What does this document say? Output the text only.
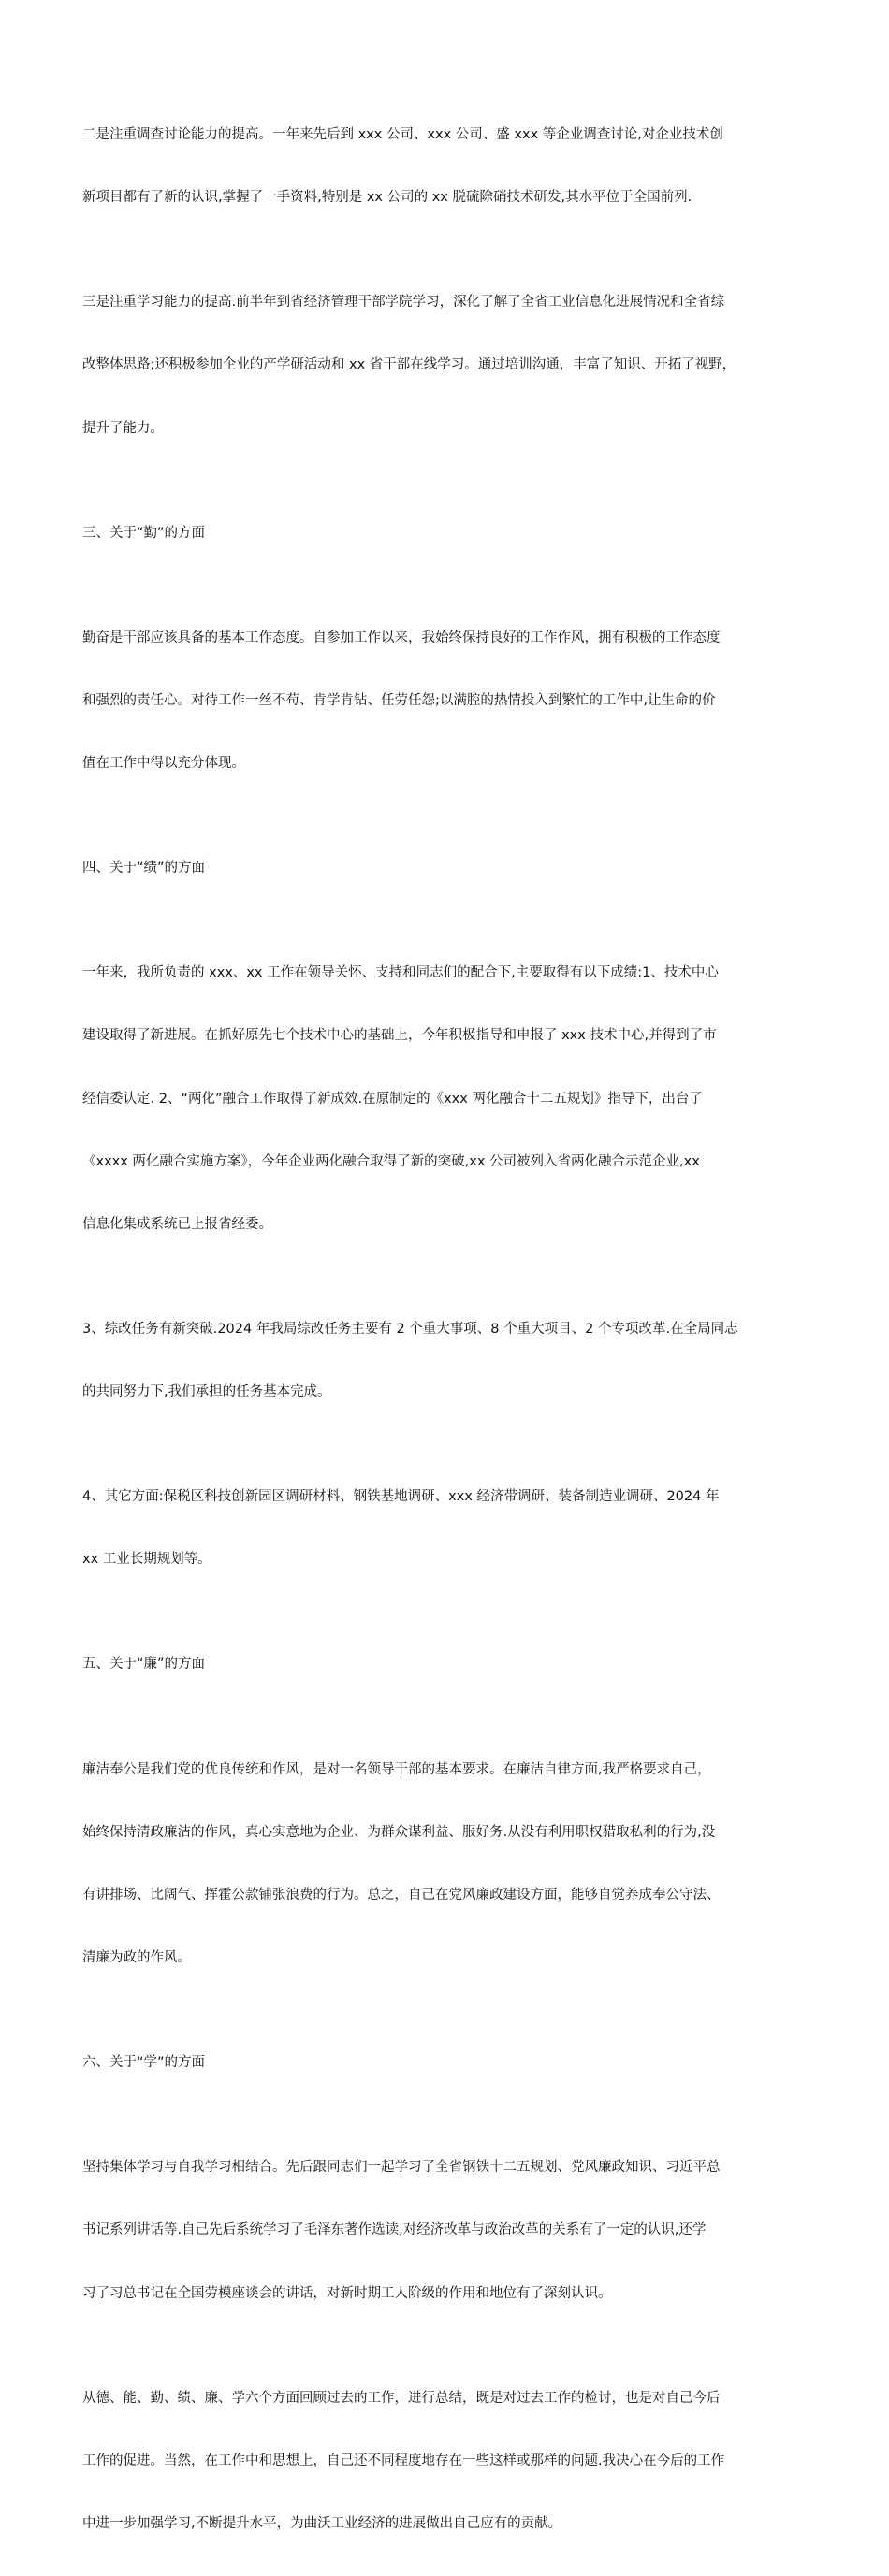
二是注重调查讨论能力的提高。一年来先后到 xxx 公司、xxx 公司、盛 xxx 等企业调查讨论,对企业技术创

新项目都有了新的认识,掌握了一手资料,特别是 xx 公司的 xx 脱硫除硝技术研发,其水平位于全国前列.

三是注重学习能力的提高.前半年到省经济管理干部学院学习，深化了解了全省工业信息化进展情况和全省综

改整体思路;还积极参加企业的产学研活动和 xx 省干部在线学习。通过培训沟通，丰富了知识、开拓了视野，

提升了能力。

三、关于“勤”的方面

勤奋是干部应该具备的基本工作态度。自参加工作以来，我始终保持良好的工作作风，拥有积极的工作态度

和强烈的责任心。对待工作一丝不苟、肯学肯钻、任劳任怨;以满腔的热情投入到繁忙的工作中,让生命的价

值在工作中得以充分体现。

四、关于“绩”的方面

一年来，我所负责的 xxx、xx 工作在领导关怀、支持和同志们的配合下,主要取得有以下成绩:1、技术中心

建设取得了新进展。在抓好原先七个技术中心的基础上，今年积极指导和申报了 xxx 技术中心,并得到了市

经信委认定. 2、“两化”融合工作取得了新成效.在原制定的《xxx 两化融合十二五规划》指导下，出台了

《xxxx 两化融合实施方案》，今年企业两化融合取得了新的突破,xx 公司被列入省两化融合示范企业,xx

信息化集成系统已上报省经委。

3、综改任务有新突破.2024 年我局综改任务主要有 2 个重大事项、8 个重大项目、2 个专项改革.在全局同志

的共同努力下,我们承担的任务基本完成。

4、其它方面:保税区科技创新园区调研材料、钢铁基地调研、xxx 经济带调研、装备制造业调研、2024 年

xx 工业长期规划等。

五、关于“廉”的方面

廉洁奉公是我们党的优良传统和作风，是对一名领导干部的基本要求。在廉洁自律方面,我严格要求自己，

始终保持清政廉洁的作风，真心实意地为企业、为群众谋利益、服好务.从没有利用职权猎取私利的行为,没

有讲排场、比阔气、挥霍公款铺张浪费的行为。总之，自己在党风廉政建设方面，能够自觉养成奉公守法、

清廉为政的作风。

六、关于“学”的方面

坚持集体学习与自我学习相结合。先后跟同志们一起学习了全省钢铁十二五规划、党风廉政知识、习近平总

书记系列讲话等.自己先后系统学习了毛泽东著作选读,对经济改革与政治改革的关系有了一定的认识,还学

习了习总书记在全国劳模座谈会的讲话，对新时期工人阶级的作用和地位有了深刻认识。

从德、能、勤、绩、廉、学六个方面回顾过去的工作，进行总结，既是对过去工作的检讨，也是对自己今后

工作的促进。当然，在工作中和思想上，自己还不同程度地存在一些这样或那样的问题.我决心在今后的工作

中进一步加强学习,不断提升水平，为曲沃工业经济的进展做出自己应有的贡献。
